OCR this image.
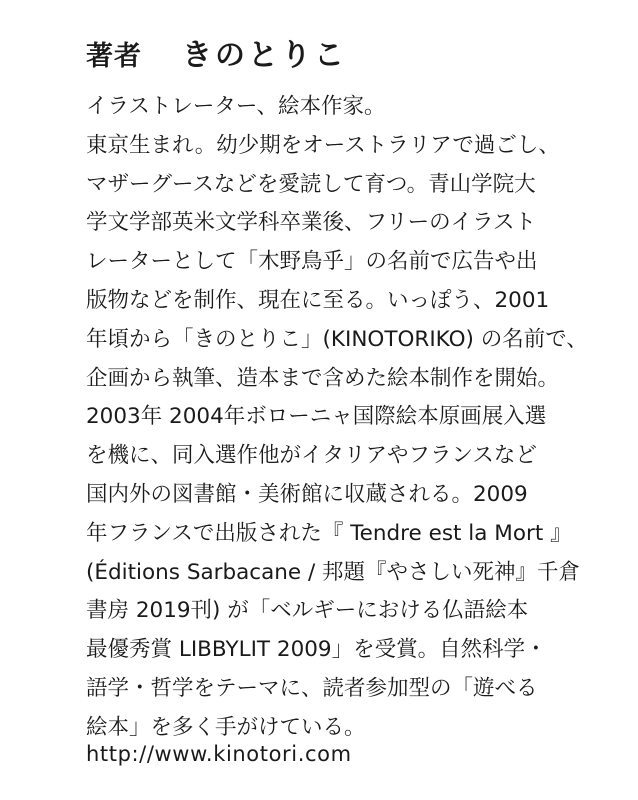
著者 きのとりこ
イラストレーター、絵本作家。
東京生まれ。幼少期をオーストラリアで過ごし、
マザーグースなどを愛読して育つ。青山学院大
学文学部英米文学科卒業後、フリーのイラスト
レーターとして「木野鳥乎」の名前で広告や出
版物などを制作、現在に至る。いっぽう、2001
年頃から「きのとりこ」(KINOTORIKO) の名前で、
企画から執筆、造本まで含めた絵本制作を開始。
2003年 2004年ボローニャ国際絵本原画展入選
を機に、同入選作他がイタリアやフランスなど
国内外の図書館・美術館に収蔵される。2009
年フランスで出版された『 Tendre est la Mort 』
(Éditions Sarbacane / 邦題『やさしい死神』千倉
書房 2019刊) が「ベルギーにおける仏語絵本
最優秀賞 LIBBYLIT 2009」を受賞。自然科学・
語学・哲学をテーマに、読者参加型の「遊べる
絵本」を多く手がけている。
http://www.kinotori.com
